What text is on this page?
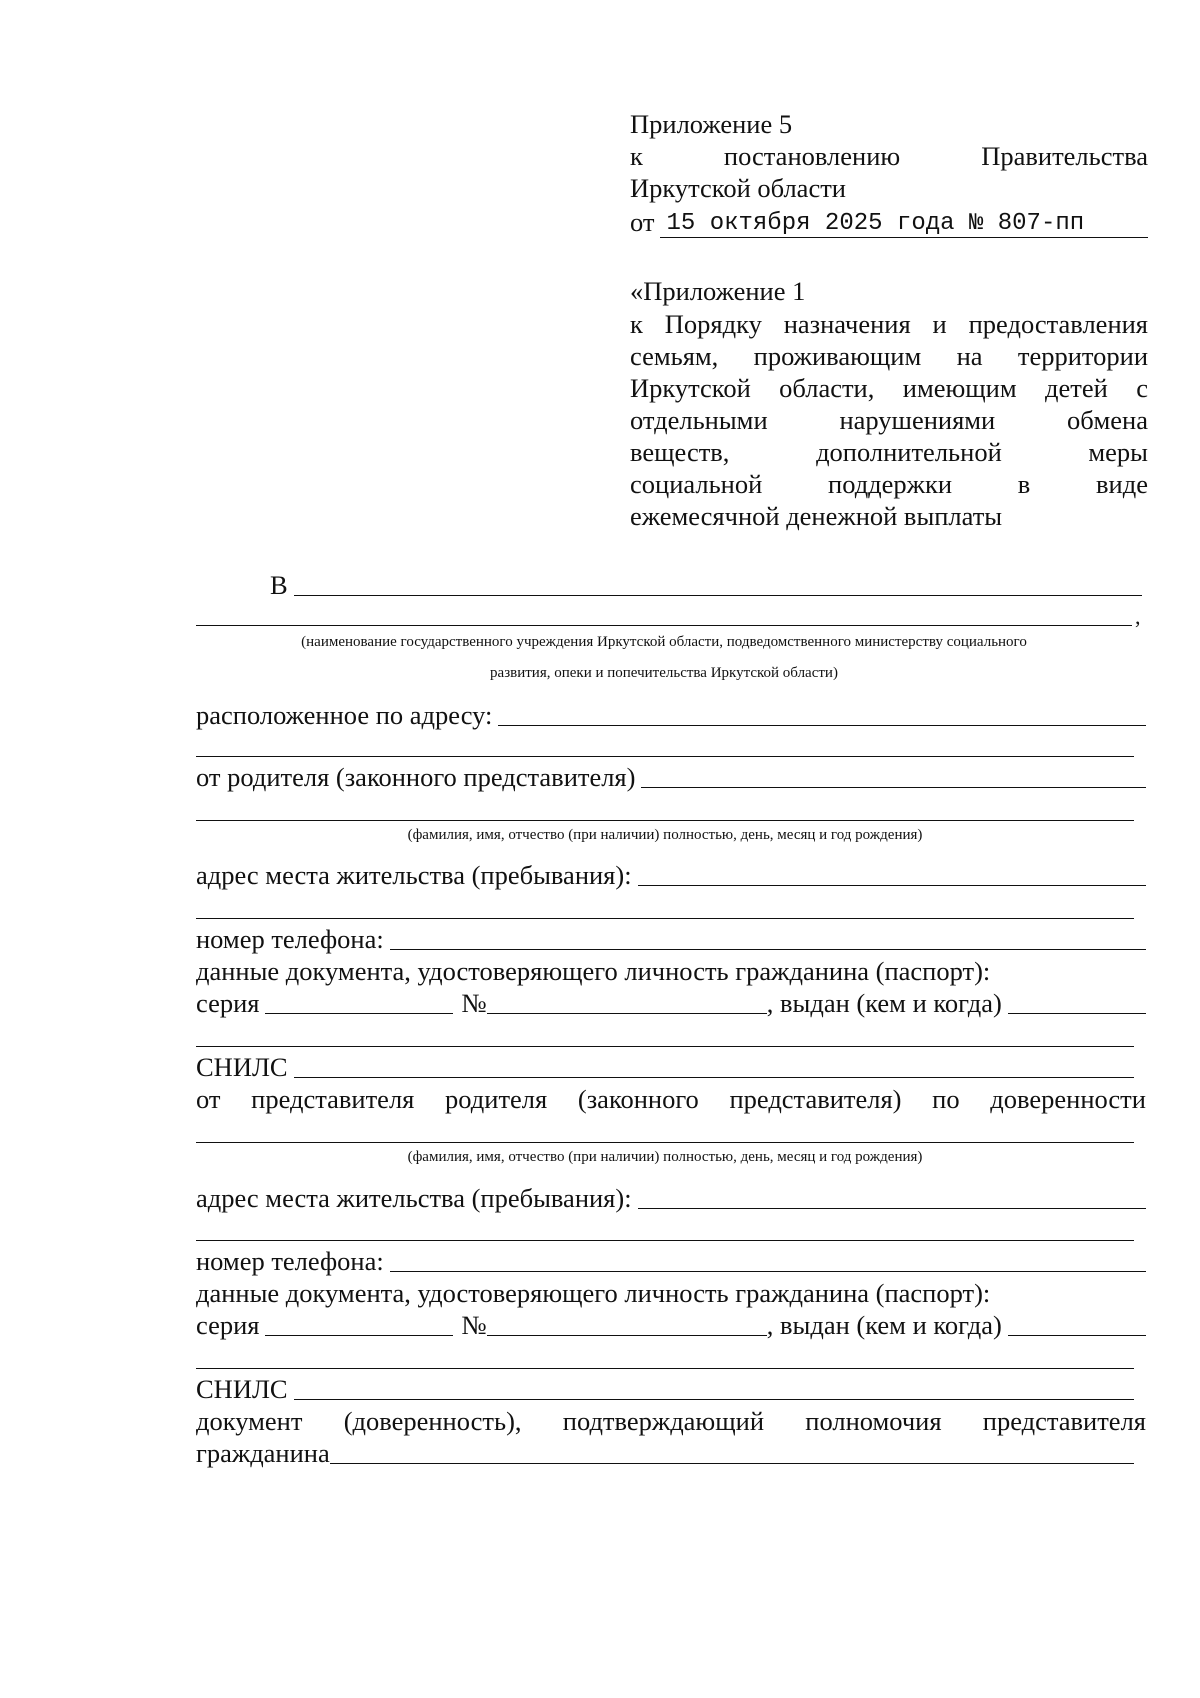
Приложение 5
к	постановлению	Правительства
Иркутской области
от 15 октября 2025 года № 807-пп
«Приложение 1
к Порядку назначения и предоставления
семьям, проживающим на территории
Иркутской области, имеющим детей с
отдельными	нарушениями	обмена
веществ,	дополнительной	меры
социальной поддержки в виде
ежемесячной денежной выплаты
В
,
(наименование государственного учреждения Иркутской области, подведомственного министерству социального
развития, опеки и попечительства Иркутской области)
расположенное по адресу:
от родителя (законного представителя)
(фамилия, имя, отчество (при наличии) полностью, день, месяц и год рождения)
адрес места жительства (пребывания):
номер телефона:
данные документа, удостоверяющего личность гражданина (паспорт):
серия	№	, выдан (кем и когда)
СНИЛС
от представителя родителя (законного представителя) по доверенности
(фамилия, имя, отчество (при наличии) полностью, день, месяц и год рождения)
адрес места жительства (пребывания):
номер телефона:
данные документа, удостоверяющего личность гражданина (паспорт):
серия	№	, выдан (кем и когда)
СНИЛС
документ (доверенность), подтверждающий полномочия представителя
гражданина
